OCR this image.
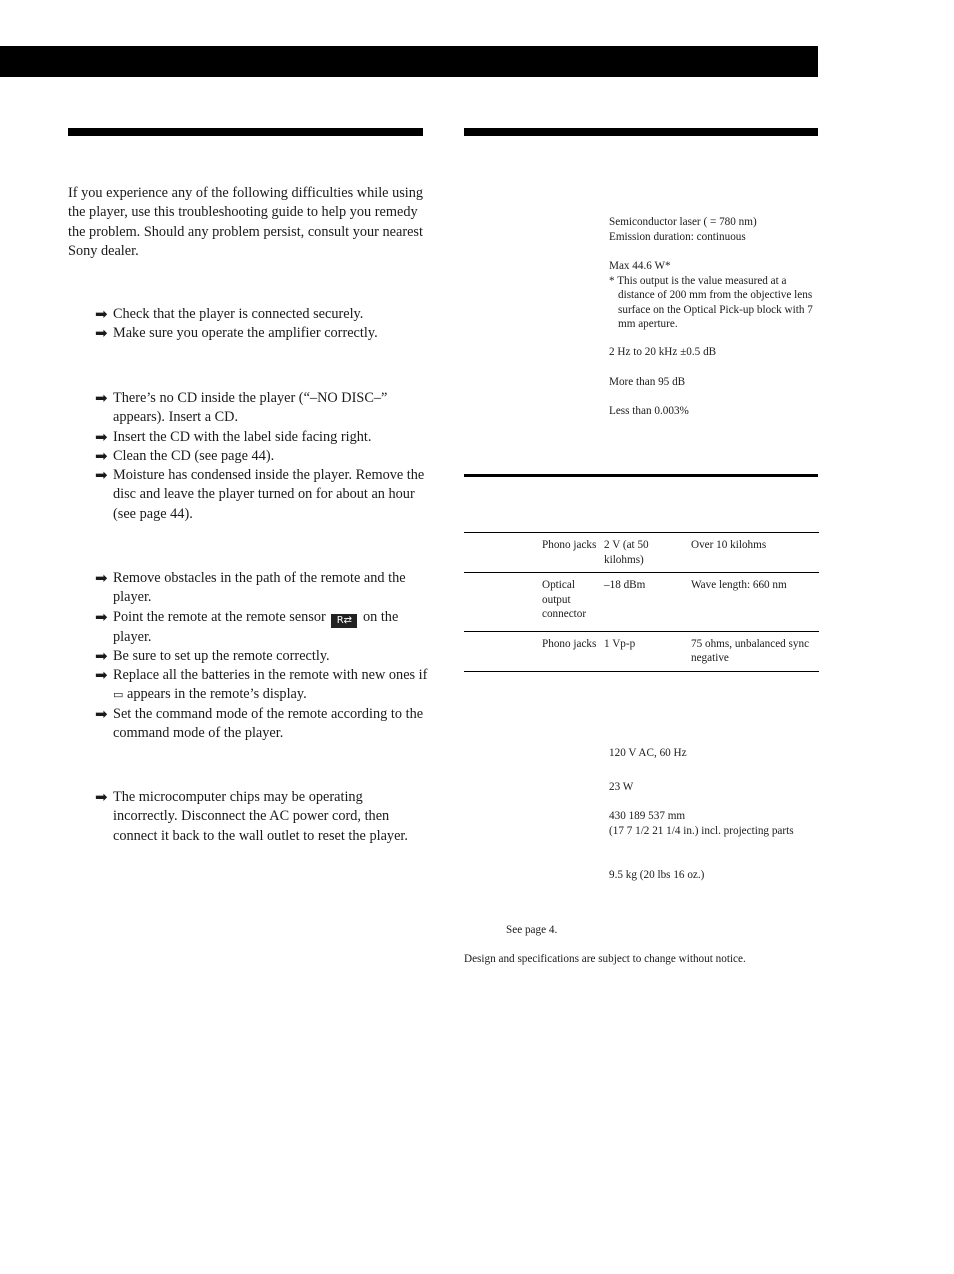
If you experience any of the following difficulties while using the player, use this troubleshooting guide to help you remedy the problem. Should any problem persist, consult your nearest Sony dealer.

➡ Check that the player is connected securely.
➡ Make sure you operate the amplifier correctly.
➡ There’s no CD inside the player (“–NO DISC–” appears). Insert a CD.
➡ Insert the CD with the label side facing right.
➡ Clean the CD (see page 44).
➡ Moisture has condensed inside the player. Remove the disc and leave the player turned on for about an hour (see page 44).
➡ Remove obstacles in the path of the remote and the player.
➡ Point the remote at the remote sensor R⇄ on the player.
➡ Be sure to set up the remote correctly.
➡ Replace all the batteries in the remote with new ones if ▭ appears in the remote’s display.
➡ Set the command mode of the remote according to the command mode of the player.
➡ The microcomputer chips may be operating incorrectly. Disconnect the AC power cord, then connect it back to the wall outlet to reset the player.
Semiconductor laser ( = 780 nm)
Emission duration: continuous
Max 44.6 W*
* This output is the value measured at a distance of 200 mm from the objective lens surface on the Optical Pick-up block with 7 mm aperture.
2 Hz to 20 kHz ±0.5 dB
More than 95 dB
Less than 0.003%
	Phono jacks	2 V (at 50 kilohms)	Over 10 kilohms
	Optical output connector	–18 dBm	Wave length: 660 nm
	Phono jacks	1 Vp-p	75 ohms, unbalanced sync negative
120 V AC, 60 Hz
23 W
430 189 537 mm
(17 7 1/2 21 1/4 in.) incl. projecting parts
9.5 kg (20 lbs 16 oz.)

See page 4.

Design and specifications are subject to change without notice.
